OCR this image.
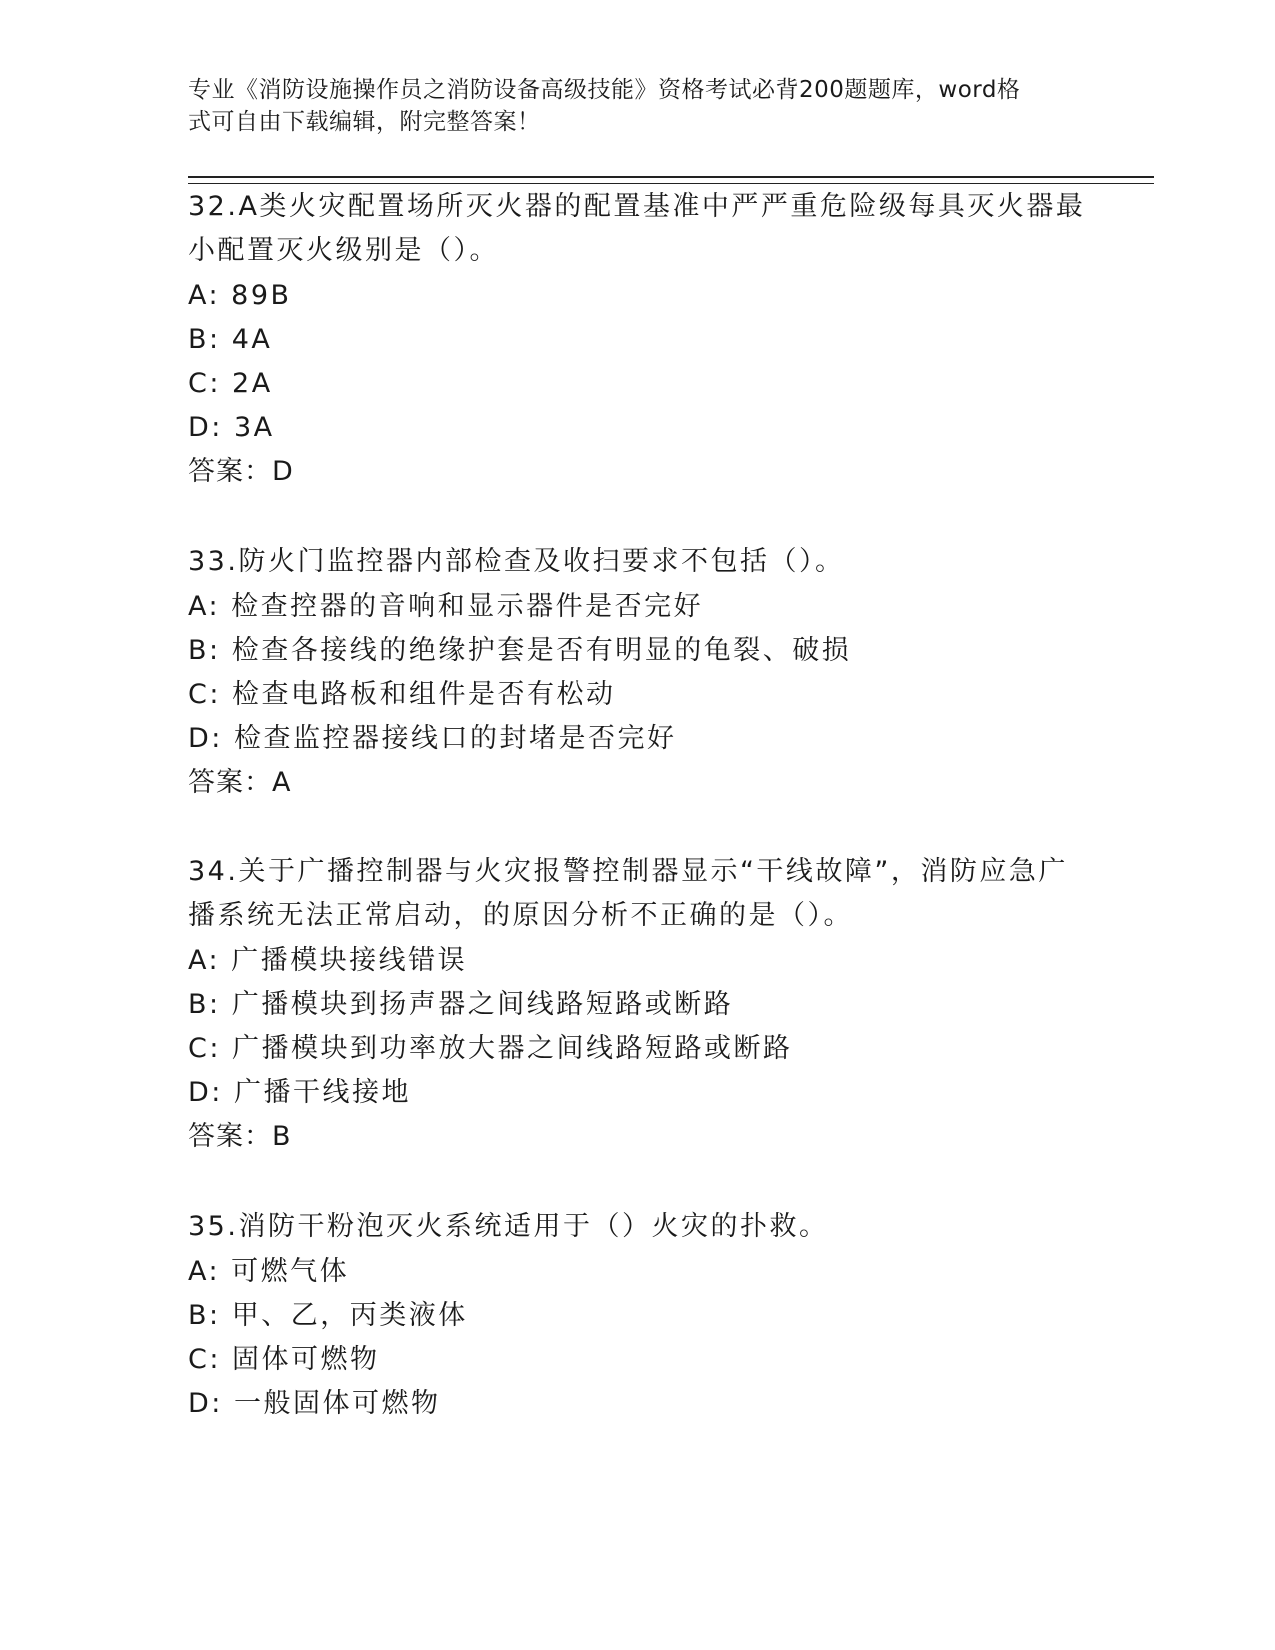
专业《消防设施操作员之消防设备高级技能》资格考试必背200题题库，word格
式可自由下载编辑，附完整答案！
32.A类火灾配置场所灭火器的配置基准中严严重危险级每具灭火器最
小配置灭火级别是（）。
A: 89B
B: 4A
C: 2A
D: 3A
答案：D
33.防火门监控器内部检查及收扫要求不包括（）。
A: 检查控器的音响和显示器件是否完好
B: 检查各接线的绝缘护套是否有明显的龟裂、破损
C: 检查电路板和组件是否有松动
D: 检查监控器接线口的封堵是否完好
答案：A
34.关于广播控制器与火灾报警控制器显示“干线故障”，消防应急广
播系统无法正常启动，的原因分析不正确的是（）。
A: 广播模块接线错误
B: 广播模块到扬声器之间线路短路或断路
C: 广播模块到功率放大器之间线路短路或断路
D: 广播干线接地
答案：B
35.消防干粉泡灭火系统适用于（）火灾的扑救。
A: 可燃气体
B: 甲、乙，丙类液体
C: 固体可燃物
D: 一般固体可燃物
